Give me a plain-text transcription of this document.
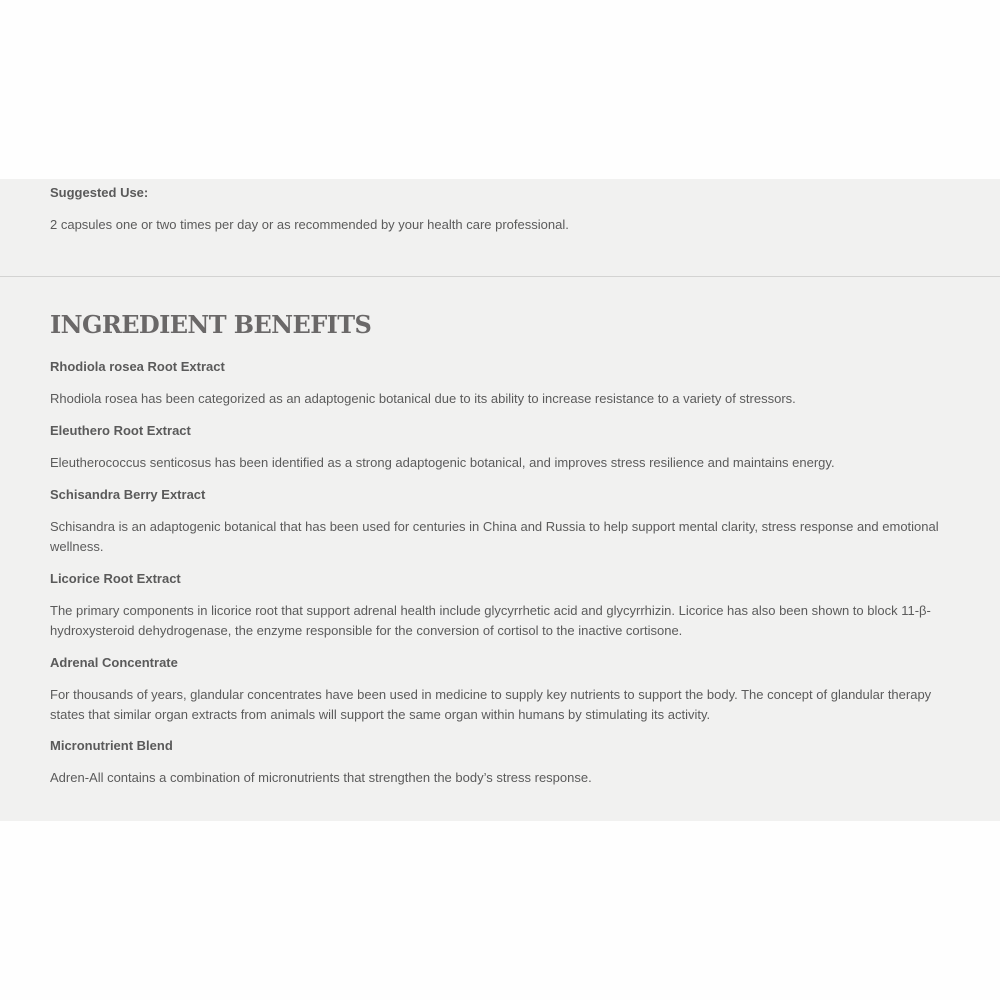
Suggested Use:

2 capsules one or two times per day or as recommended by your health care professional.

INGREDIENT BENEFITS

Rhodiola rosea Root Extract

Rhodiola rosea has been categorized as an adaptogenic botanical due to its ability to increase resistance to a variety of stressors.

Eleuthero Root Extract

Eleutherococcus senticosus has been identified as a strong adaptogenic botanical, and improves stress resilience and maintains energy.

Schisandra Berry Extract

Schisandra is an adaptogenic botanical that has been used for centuries in China and Russia to help support mental clarity, stress response and emotional wellness.

Licorice Root Extract

The primary components in licorice root that support adrenal health include glycyrrhetic acid and glycyrrhizin. Licorice has also been shown to block 11-β-hydroxysteroid dehydrogenase, the enzyme responsible for the conversion of cortisol to the inactive cortisone.

Adrenal Concentrate

For thousands of years, glandular concentrates have been used in medicine to supply key nutrients to support the body. The concept of glandular therapy states that similar organ extracts from animals will support the same organ within humans by stimulating its activity.

Micronutrient Blend

Adren-All contains a combination of micronutrients that strengthen the body’s stress response.
